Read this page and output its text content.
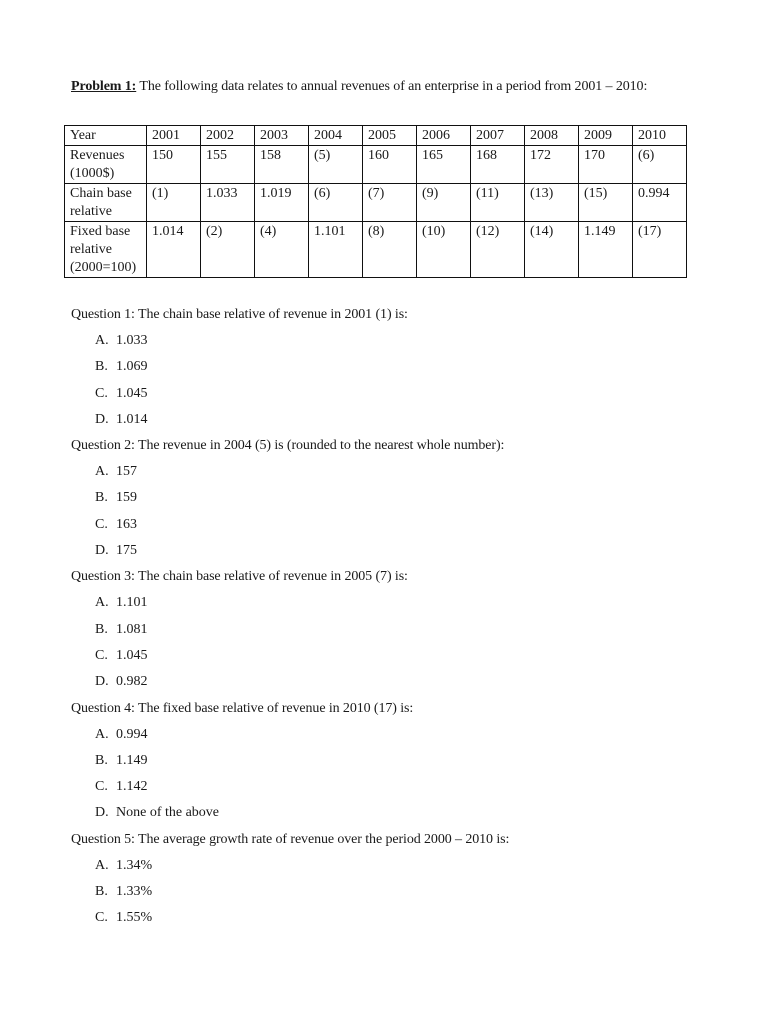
Problem 1: The following data relates to annual revenues of an enterprise in a period from 2001 – 2010:

Year	2001	2002	2003	2004	2005	2006	2007	2008	2009	2010
Revenues (1000$)	150	155	158	(5)	160	165	168	172	170	(6)
Chain base relative	(1)	1.033	1.019	(6)	(7)	(9)	(11)	(13)	(15)	0.994
Fixed base relative (2000=100)	1.014	(2)	(4)	1.101	(8)	(10)	(12)	(14)	1.149	(17)

Question 1: The chain base relative of revenue in 2001 (1) is:

A. 1.033
B. 1.069
C. 1.045
D. 1.014

Question 2: The revenue in 2004 (5) is (rounded to the nearest whole number):

A. 157
B. 159
C. 163
D. 175

Question 3: The chain base relative of revenue in 2005 (7) is:

A. 1.101
B. 1.081
C. 1.045
D. 0.982

Question 4: The fixed base relative of revenue in 2010 (17) is:

A. 0.994
B. 1.149
C. 1.142
D. None of the above

Question 5: The average growth rate of revenue over the period 2000 – 2010 is:

A. 1.34%
B. 1.33%
C. 1.55%
